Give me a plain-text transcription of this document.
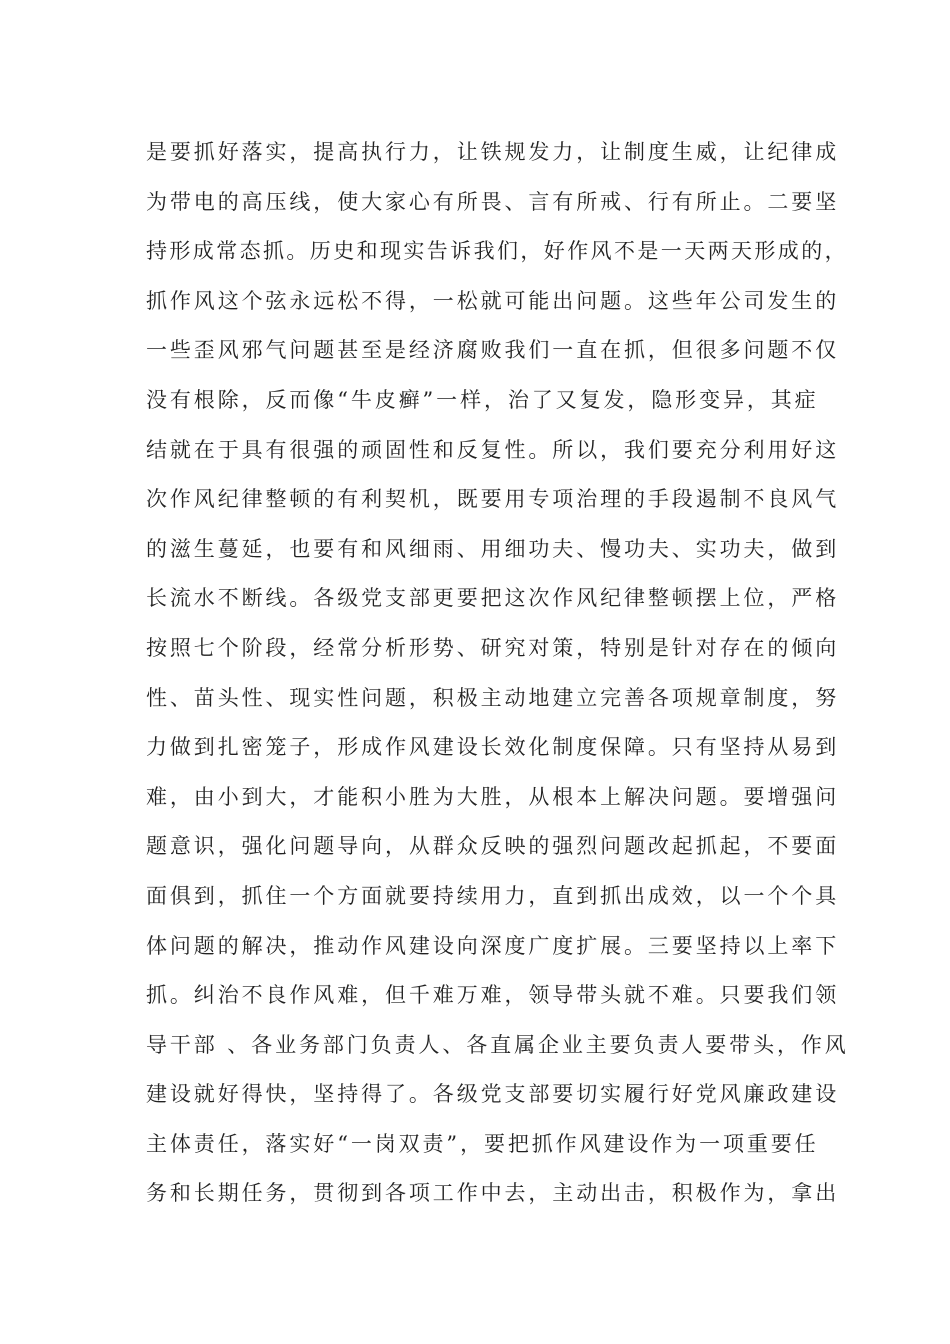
是要抓好落实，提高执行力，让铁规发力，让制度生威，让纪律成
为带电的高压线，使大家心有所畏、言有所戒、行有所止。二要坚
持形成常态抓。历史和现实告诉我们，好作风不是一天两天形成的，
抓作风这个弦永远松不得，一松就可能出问题。这些年公司发生的
一些歪风邪气问题甚至是经济腐败我们一直在抓，但很多问题不仅
没有根除，反而像“牛皮癣”一样，治了又复发，隐形变异，其症
结就在于具有很强的顽固性和反复性。所以，我们要充分利用好这
次作风纪律整顿的有利契机，既要用专项治理的手段遏制不良风气
的滋生蔓延，也要有和风细雨、用细功夫、慢功夫、实功夫，做到
长流水不断线。各级党支部更要把这次作风纪律整顿摆上位，严格
按照七个阶段，经常分析形势、研究对策，特别是针对存在的倾向
性、苗头性、现实性问题，积极主动地建立完善各项规章制度，努
力做到扎密笼子，形成作风建设长效化制度保障。只有坚持从易到
难，由小到大，才能积小胜为大胜，从根本上解决问题。要增强问
题意识，强化问题导向，从群众反映的强烈问题改起抓起，不要面
面俱到，抓住一个方面就要持续用力，直到抓出成效，以一个个具
体问题的解决，推动作风建设向深度广度扩展。三要坚持以上率下
抓。纠治不良作风难，但千难万难，领导带头就不难。只要我们领
导干部 、各业务部门负责人、各直属企业主要负责人要带头，作风
建设就好得快，坚持得了。各级党支部要切实履行好党风廉政建设
主体责任，落实好“一岗双责”，要把抓作风建设作为一项重要任
务和长期任务，贯彻到各项工作中去，主动出击，积极作为，拿出
